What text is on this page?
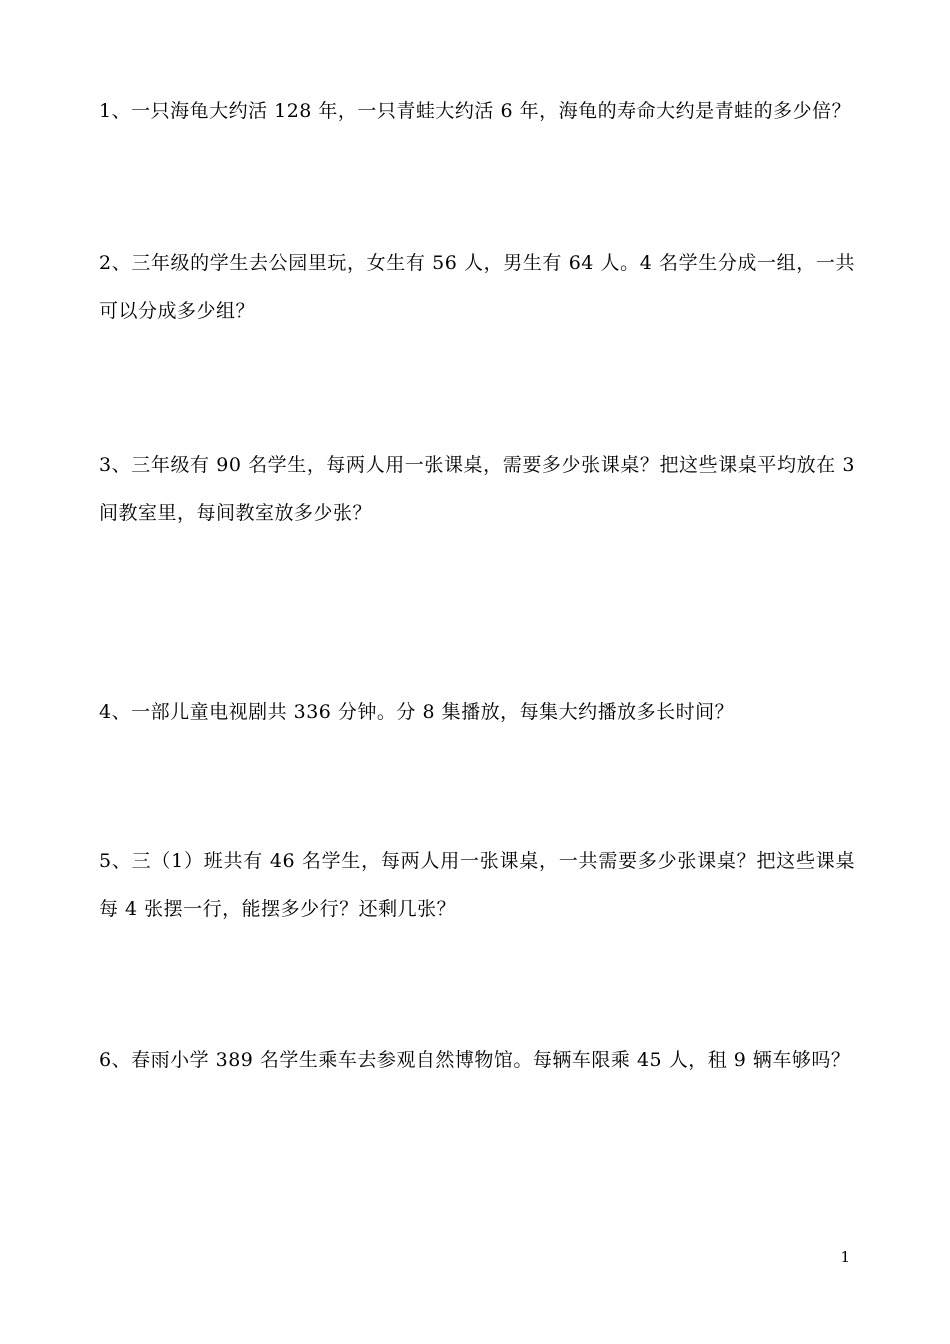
1、一只海龟大约活 128 年，一只青蛙大约活 6 年，海龟的寿命大约是青蛙的多少倍？
2、三年级的学生去公园里玩，女生有 56 人，男生有 64 人。4 名学生分成一组，一共可以分成多少组？
3、三年级有 90 名学生，每两人用一张课桌，需要多少张课桌？把这些课桌平均放在 3 间教室里，每间教室放多少张？
4、一部儿童电视剧共 336 分钟。分 8 集播放，每集大约播放多长时间？
5、三（1）班共有 46 名学生，每两人用一张课桌，一共需要多少张课桌？把这些课桌每 4 张摆一行，能摆多少行？还剩几张？
6、春雨小学 389 名学生乘车去参观自然博物馆。每辆车限乘 45 人，租 9 辆车够吗？
1
